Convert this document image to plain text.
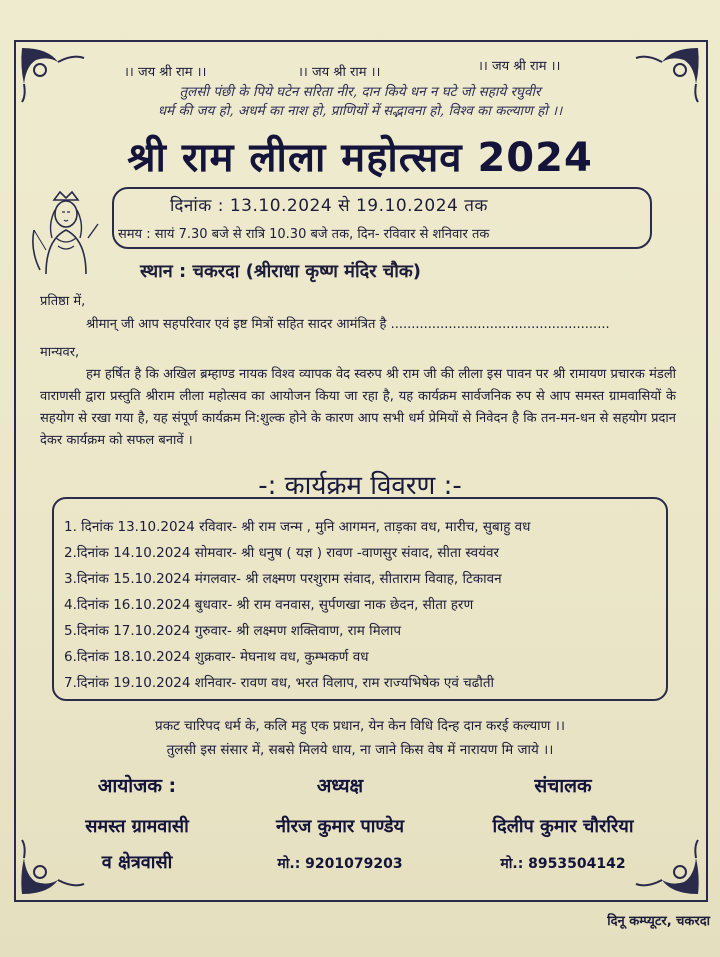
।। जय श्री राम ।।	।। जय श्री राम ।।	।। जय श्री राम ।।
तुलसी पंछी के पिये घटेन सरिता नीर, दान किये धन न घटे जो सहाये रघुवीर
धर्म की जय हो, अधर्म का नाश हो, प्राणियों में सद्भावना हो, विश्व का कल्याण हो ।।
श्री राम लीला महोत्सव 2024
दिनांक : 13.10.2024 से 19.10.2024 तक
समय : सायं 7.30 बजे से रात्रि 10.30 बजे तक, दिन- रविवार से शनिवार तक
स्थान : चकरदा (श्रीराधा कृष्ण मंदिर चौक)
प्रतिष्ठा में,
श्रीमान् जी आप सहपरिवार एवं इष्ट मित्रों सहित सादर आमंत्रित है .....................................................
मान्यवर,
हम हर्षित है कि अखिल ब्रम्हाण्ड नायक विश्व व्यापक वेद स्वरुप श्री राम जी की लीला इस पावन पर श्री रामायण प्रचारक मंडली वाराणसी द्वारा प्रस्तुति श्रीराम लीला महोत्सव का आयोजन किया जा रहा है, यह कार्यक्रम सार्वजनिक रुप से आप समस्त ग्रामवासियों के सहयोग से रखा गया है, यह संपूर्ण कार्यक्रम नि:शुल्क होने के कारण आप सभी धर्म प्रेमियों से निवेदन है कि तन-मन-धन से सहयोग प्रदान देकर कार्यक्रम को सफल बनावें ।
-: कार्यक्रम विवरण :-
1. दिनांक 13.10.2024 रविवार- श्री राम जन्म , मुनि आगमन, ताड़का वध, मारीच, सुबाहु वध
2.दिनांक 14.10.2024 सोमवार- श्री धनुष ( यज्ञ ) रावण -वाणसुर संवाद, सीता स्वयंवर
3.दिनांक 15.10.2024 मंगलवार- श्री लक्ष्मण परशुराम संवाद, सीताराम विवाह, टिकावन
4.दिनांक 16.10.2024 बुधवार- श्री राम वनवास, सुर्पणखा नाक छेदन, सीता हरण
5.दिनांक 17.10.2024 गुरुवार- श्री लक्ष्मण शक्तिवाण, राम मिलाप
6.दिनांक 18.10.2024 शुक्रवार- मेघनाथ वध, कुम्भकर्ण वध
7.दिनांक 19.10.2024 शनिवार- रावण वध, भरत विलाप, राम राज्यभिषेक एवं चढौती
प्रकट चारिपद धर्म के, कलि महु एक प्रधान, येन केन विधि दिन्ह दान करई कल्याण ।।
तुलसी इस संसार में, सबसे मिलये धाय, ना जाने किस वेष में नारायण मि जाये ।।
आयोजक :
समस्त ग्रामवासी
व क्षेत्रवासी
अध्यक्ष
नीरज कुमार पाण्डेय
मो.: 9201079203
संचालक
दिलीप कुमार चौररिया
मो.: 8953504142
दिनू कम्प्यूटर, चकरदा
